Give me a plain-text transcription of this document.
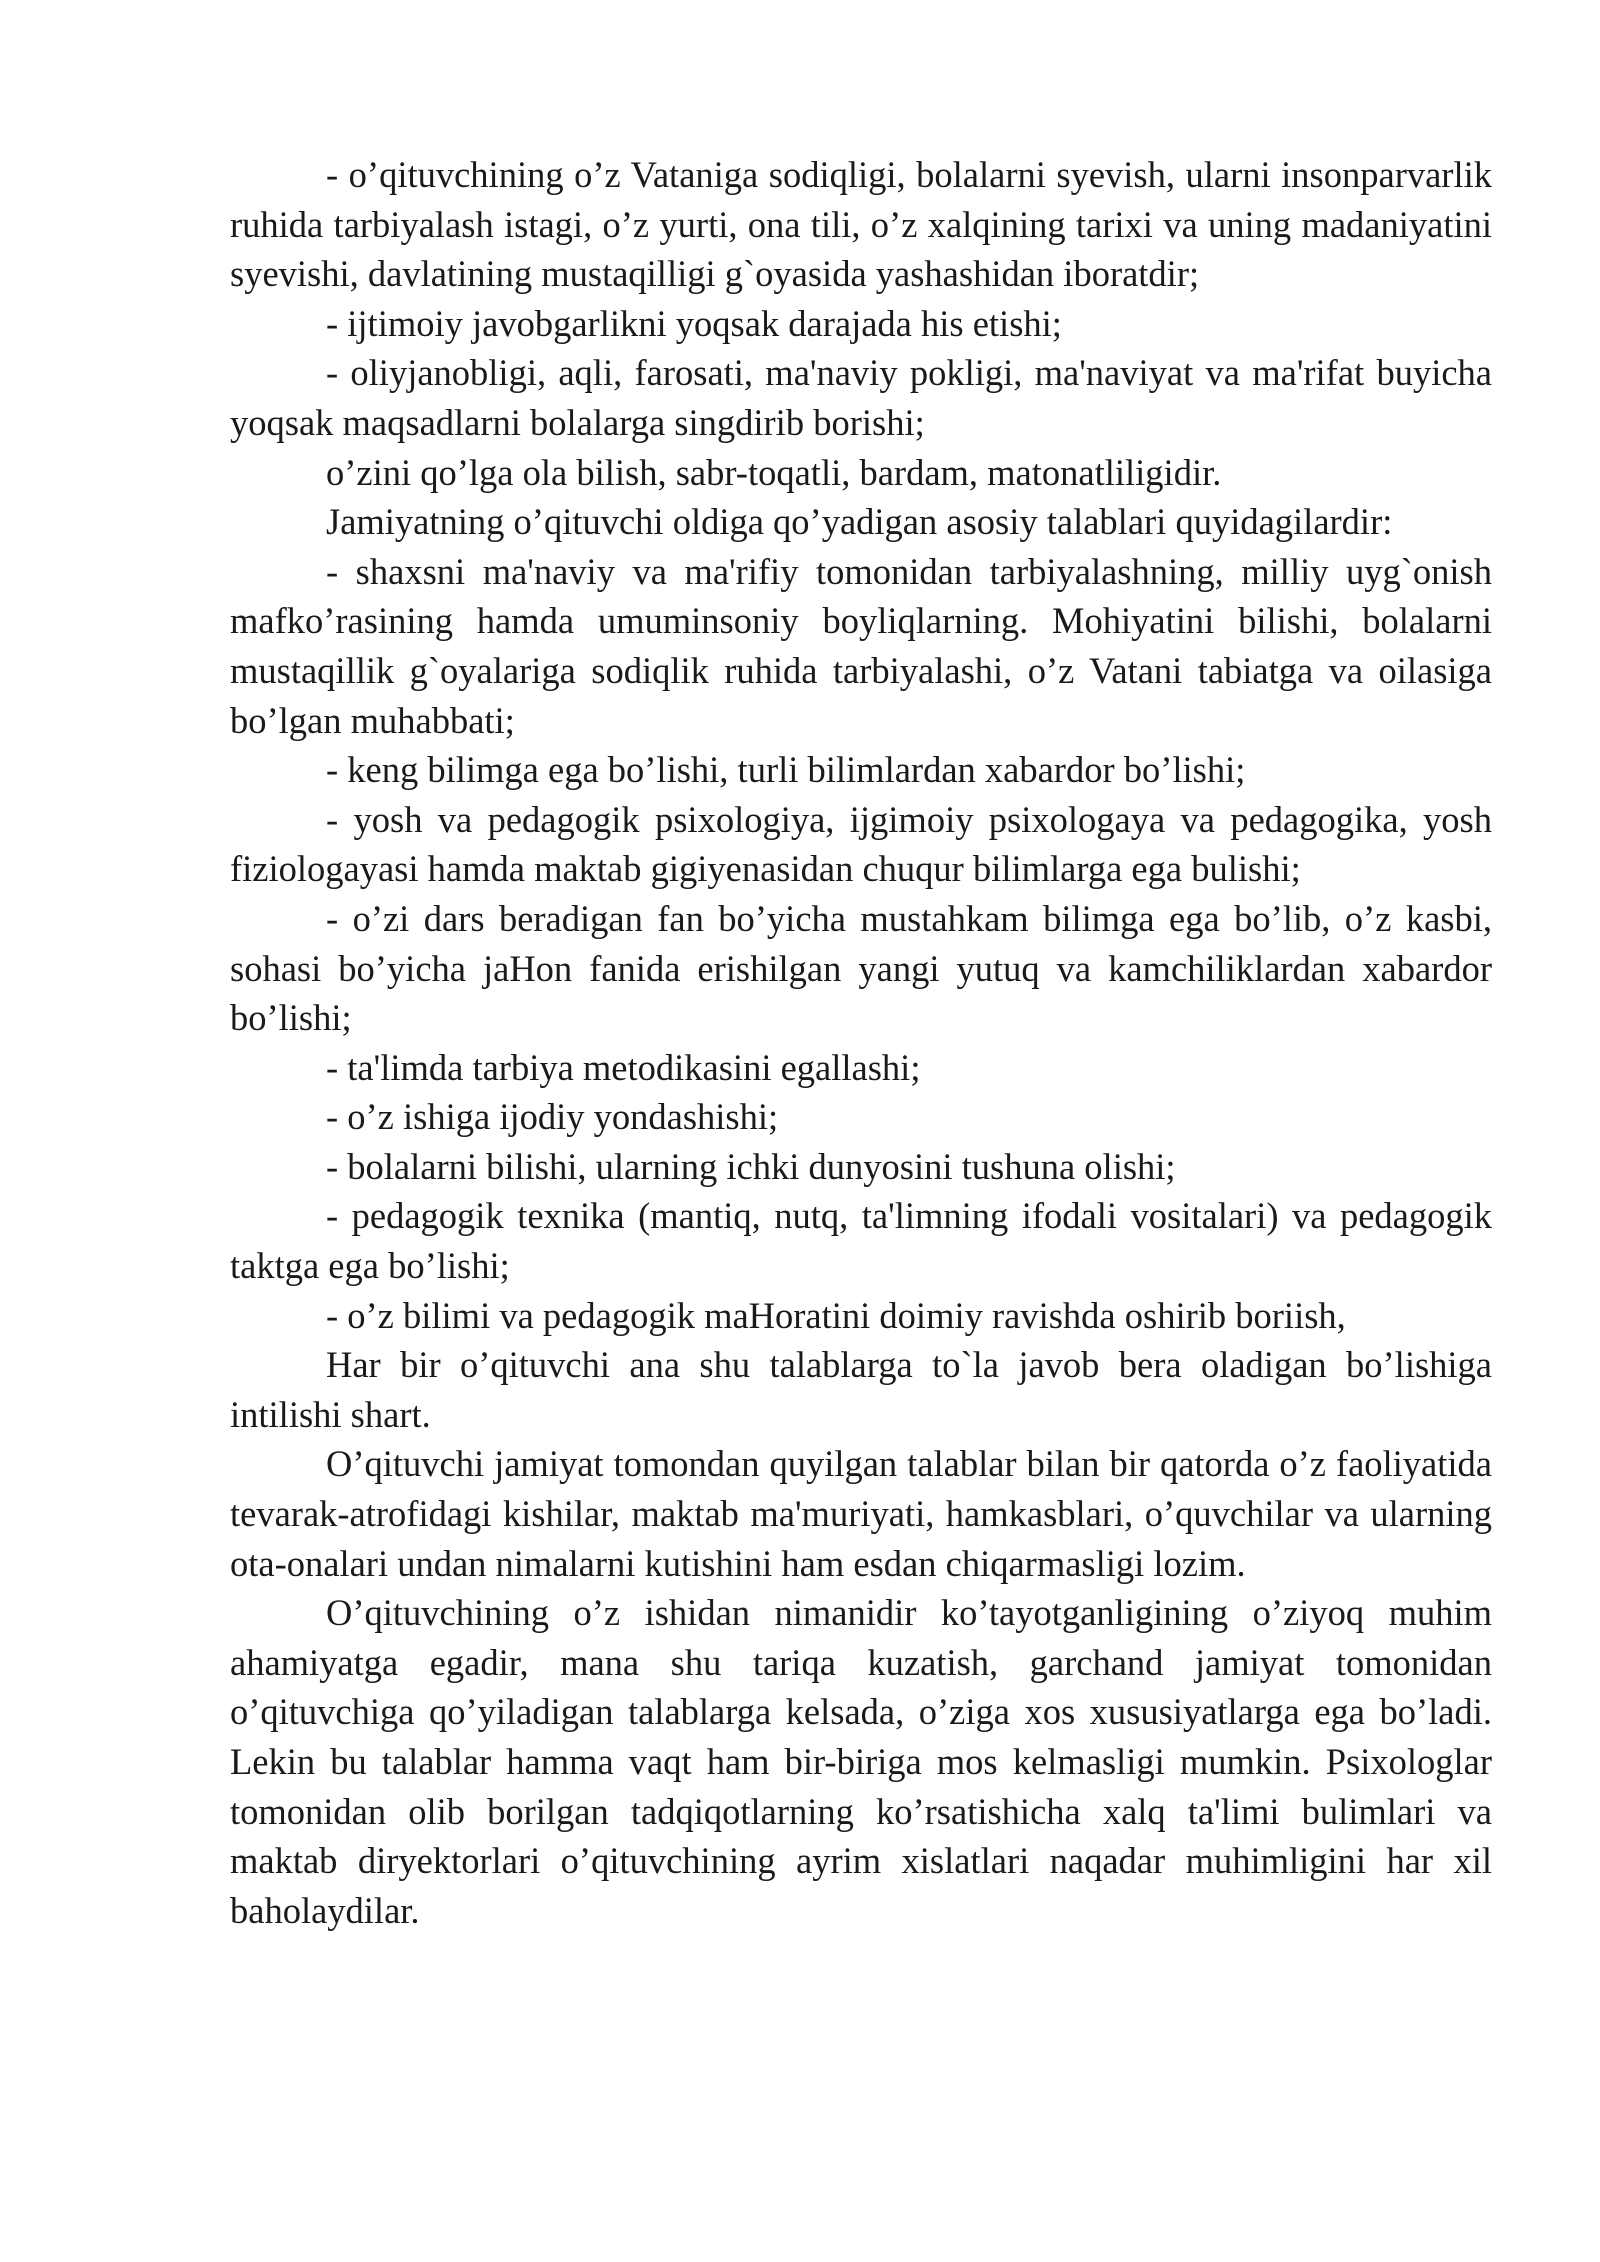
- o’qituvchining o’z Vataniga sodiqligi, bolalarni syevish, ularni insonparvarlik ruhida tarbiyalash istagi, o’z yurti, ona tili, o’z xalqining tarixi va uning madaniyatini syevishi, davlatining mustaqilligi g`oyasida yashashidan iboratdir;

- ijtimoiy javobgarlikni yoqsak darajada his etishi;

- oliyjanobligi, aqli, farosati, ma'naviy pokligi, ma'naviyat va ma'rifat buyicha yoqsak maqsadlarni bolalarga singdirib borishi;

o’zini qo’lga ola bilish, sabr-toqatli, bardam, matonatliligidir.

Jamiyatning o’qituvchi oldiga qo’yadigan asosiy talablari quyidagilardir:

- shaxsni ma'naviy va ma'rifiy tomonidan tarbiyalashning, milliy uyg`onish mafko’rasining hamda umuminsoniy boyliqlarning. Mohiyatini bilishi, bolalarni mustaqillik g`oyalariga sodiqlik ruhida tarbiyalashi, o’z Vatani tabiatga va oilasiga bo’lgan muhabbati;

- keng bilimga ega bo’lishi, turli bilimlardan xabardor bo’lishi;

- yosh va pedagogik psixologiya, ijgimoiy psixologaya va pedagogika, yosh fiziologayasi hamda maktab gigiyenasidan chuqur bilimlarga ega bulishi;

- o’zi dars beradigan fan bo’yicha mustahkam bilimga ega bo’lib, o’z kasbi, sohasi bo’yicha jaHon fanida erishilgan yangi yutuq va kamchiliklardan xabardor bo’lishi;

- ta'limda tarbiya metodikasini egallashi;

- o’z ishiga ijodiy yondashishi;

- bolalarni bilishi, ularning ichki dunyosini tushuna olishi;

- pedagogik texnika (mantiq, nutq, ta'limning ifodali vositalari) va pedagogik taktga ega bo’lishi;

- o’z bilimi va pedagogik maHoratini doimiy ravishda oshirib boriish,

Har bir o’qituvchi ana shu talablarga to`la javob bera oladigan bo’lishiga intilishi shart.

O’qituvchi jamiyat tomondan quyilgan talablar bilan bir qatorda o’z faoliyatida tevarak-atrofidagi kishilar, maktab ma'muriyati, hamkasblari, o’quvchilar va ularning ota-onalari undan nimalarni kutishini ham esdan chiqarmasligi lozim.

O’qituvchining o’z ishidan nimanidir ko’tayotganligining o’ziyoq muhim ahamiyatga egadir, mana shu tariqa kuzatish, garchand jamiyat tomonidan o’qituvchiga qo’yiladigan talablarga kelsada, o’ziga xos xususiyatlarga ega bo’ladi. Lekin bu talablar hamma vaqt ham bir-biriga mos kelmasligi mumkin. Psixologlar tomonidan olib borilgan tadqiqotlarning ko’rsatishicha xalq ta'limi bulimlari va maktab diryektorlari o’qituvchining ayrim xislatlari naqadar muhimligini har xil baholaydilar.
